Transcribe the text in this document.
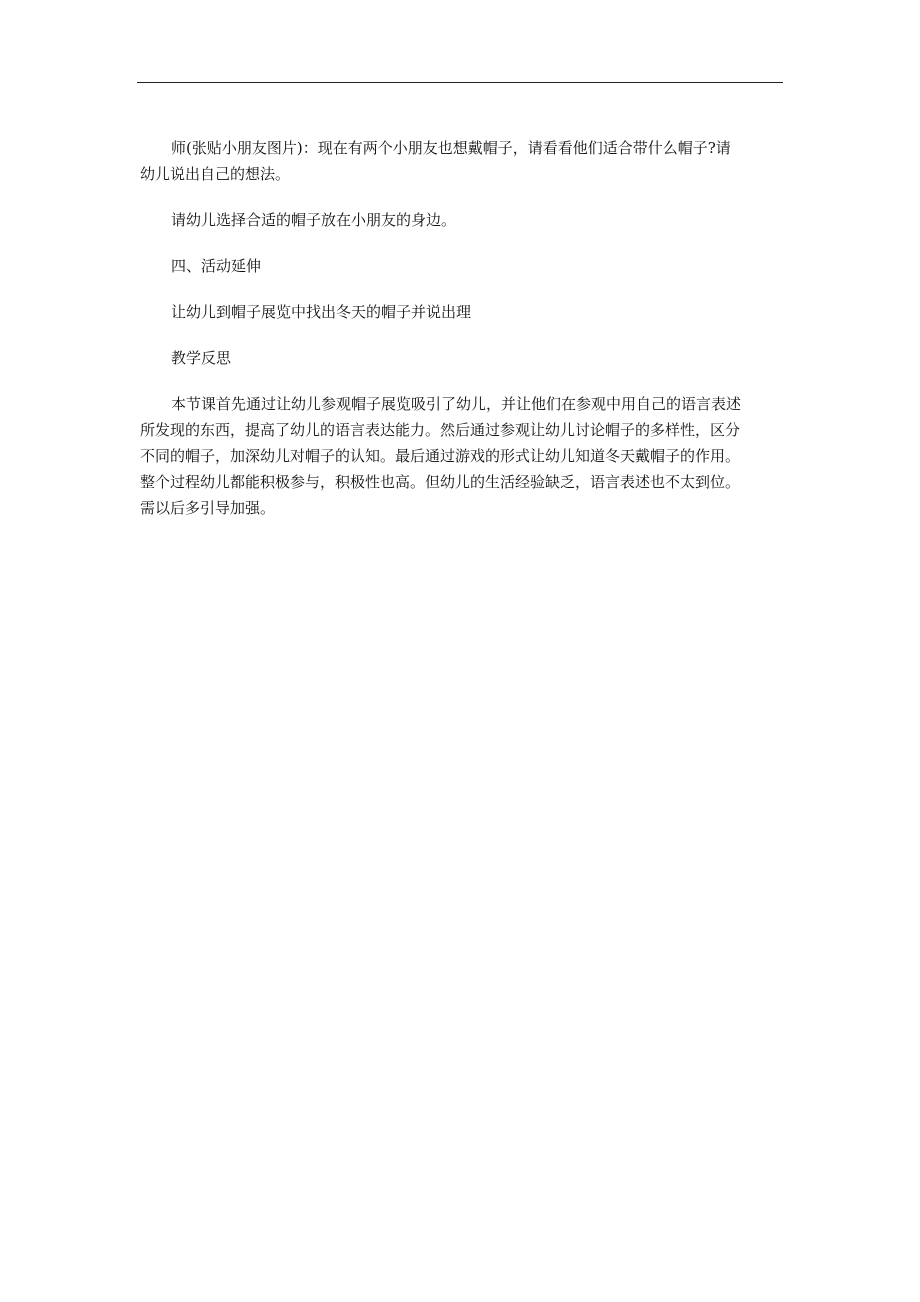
师(张贴小朋友图片)：现在有两个小朋友也想戴帽子，请看看他们适合带什么帽子?请
幼儿说出自己的想法。

请幼儿选择合适的帽子放在小朋友的身边。

四、活动延伸

让幼儿到帽子展览中找出冬天的帽子并说出理

教学反思

本节课首先通过让幼儿参观帽子展览吸引了幼儿，并让他们在参观中用自己的语言表述
所发现的东西，提高了幼儿的语言表达能力。然后通过参观让幼儿讨论帽子的多样性，区分
不同的帽子，加深幼儿对帽子的认知。最后通过游戏的形式让幼儿知道冬天戴帽子的作用。
整个过程幼儿都能积极参与，积极性也高。但幼儿的生活经验缺乏，语言表述也不太到位。
需以后多引导加强。
